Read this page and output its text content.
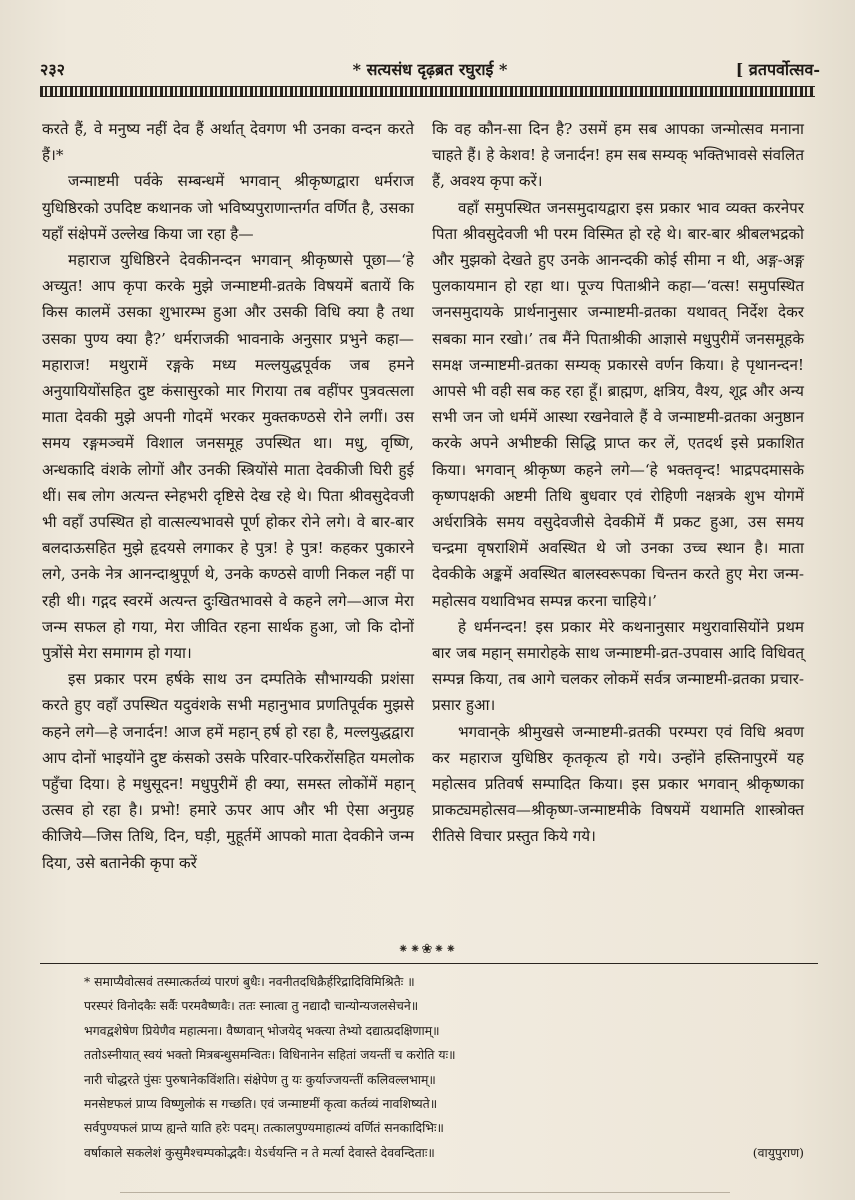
२३२	* सत्यसंध दृढ़ब्रत रघुराई *	[ व्रतपर्वोत्सव-

करते हैं, वे मनुष्य नहीं देव हैं अर्थात् देवगण भी उनका वन्दन करते हैं।*

जन्माष्टमी पर्वके सम्बन्धमें भगवान् श्रीकृष्णद्वारा धर्मराज युधिष्ठिरको उपदिष्ट कथानक जो भविष्यपुराणान्तर्गत वर्णित है, उसका यहाँ संक्षेपमें उल्लेख किया जा रहा है—

महाराज युधिष्ठिरने देवकीनन्दन भगवान् श्रीकृष्णसे पूछा—‘हे अच्युत! आप कृपा करके मुझे जन्माष्टमी-व्रतके विषयमें बतायें कि किस कालमें उसका शुभारम्भ हुआ और उसकी विधि क्या है तथा उसका पुण्य क्या है?’ धर्मराजकी भावनाके अनुसार प्रभुने कहा—महाराज! मथुरामें रङ्गके मध्य मल्लयुद्धपूर्वक जब हमने अनुयायियोंसहित दुष्ट कंसासुरको मार गिराया तब वहींपर पुत्रवत्सला माता देवकी मुझे अपनी गोदमें भरकर मुक्तकण्ठसे रोने लगीं। उस समय रङ्गमञ्चमें विशाल जनसमूह उपस्थित था। मधु, वृष्णि, अन्धकादि वंशके लोगों और उनकी स्त्रियोंसे माता देवकीजी घिरी हुई थीं। सब लोग अत्यन्त स्नेहभरी दृष्टिसे देख रहे थे। पिता श्रीवसुदेवजी भी वहाँ उपस्थित हो वात्सल्यभावसे पूर्ण होकर रोने लगे। वे बार-बार बलदाऊसहित मुझे हृदयसे लगाकर हे पुत्र! हे पुत्र! कहकर पुकारने लगे, उनके नेत्र आनन्दाश्रुपूर्ण थे, उनके कण्ठसे वाणी निकल नहीं पा रही थी। गद्गद स्वरमें अत्यन्त दुःखितभावसे वे कहने लगे—आज मेरा जन्म सफल हो गया, मेरा जीवित रहना सार्थक हुआ, जो कि दोनों पुत्रोंसे मेरा समागम हो गया।

इस प्रकार परम हर्षके साथ उन दम्पतिके सौभाग्यकी प्रशंसा करते हुए वहाँ उपस्थित यदुवंशके सभी महानुभाव प्रणतिपूर्वक मुझसे कहने लगे—हे जनार्दन! आज हमें महान् हर्ष हो रहा है, मल्लयुद्धद्वारा आप दोनों भाइयोंने दुष्ट कंसको उसके परिवार-परिकरोंसहित यमलोक पहुँचा दिया। हे मधुसूदन! मधुपुरीमें ही क्या, समस्त लोकोंमें महान् उत्सव हो रहा है। प्रभो! हमारे ऊपर आप और भी ऐसा अनुग्रह कीजिये—जिस तिथि, दिन, घड़ी, मुहूर्तमें आपको माता देवकीने जन्म दिया, उसे बतानेकी कृपा करें

कि वह कौन-सा दिन है? उसमें हम सब आपका जन्मोत्सव मनाना चाहते हैं। हे केशव! हे जनार्दन! हम सब सम्यक् भक्तिभावसे संवलित हैं, अवश्य कृपा करें।

वहाँ समुपस्थित जनसमुदायद्वारा इस प्रकार भाव व्यक्त करनेपर पिता श्रीवसुदेवजी भी परम विस्मित हो रहे थे। बार-बार श्रीबलभद्रको और मुझको देखते हुए उनके आनन्दकी कोई सीमा न थी, अङ्ग-अङ्ग पुलकायमान हो रहा था। पूज्य पिताश्रीने कहा—‘वत्स! समुपस्थित जनसमुदायके प्रार्थनानुसार जन्माष्टमी-व्रतका यथावत् निर्देश देकर सबका मान रखो।’ तब मैंने पिताश्रीकी आज्ञासे मधुपुरीमें जनसमूहके समक्ष जन्माष्टमी-व्रतका सम्यक् प्रकारसे वर्णन किया। हे पृथानन्दन! आपसे भी वही सब कह रहा हूँ। ब्राह्मण, क्षत्रिय, वैश्य, शूद्र और अन्य सभी जन जो धर्ममें आस्था रखनेवाले हैं वे जन्माष्टमी-व्रतका अनुष्ठान करके अपने अभीष्टकी सिद्धि प्राप्त कर लें, एतदर्थ इसे प्रकाशित किया। भगवान् श्रीकृष्ण कहने लगे—‘हे भक्तवृन्द! भाद्रपदमासके कृष्णपक्षकी अष्टमी तिथि बुधवार एवं रोहिणी नक्षत्रके शुभ योगमें अर्धरात्रिके समय वसुदेवजीसे देवकीमें मैं प्रकट हुआ, उस समय चन्द्रमा वृषराशिमें अवस्थित थे जो उनका उच्च स्थान है। माता देवकीके अङ्कमें अवस्थित बालस्वरूपका चिन्तन करते हुए मेरा जन्म-महोत्सव यथाविभव सम्पन्न करना चाहिये।’

हे धर्मनन्दन! इस प्रकार मेरे कथनानुसार मथुरावासियोंने प्रथम बार जब महान् समारोहके साथ जन्माष्टमी-व्रत-उपवास आदि विधिवत् सम्पन्न किया, तब आगे चलकर लोकमें सर्वत्र जन्माष्टमी-व्रतका प्रचार-प्रसार हुआ।

भगवान्‌के श्रीमुखसे जन्माष्टमी-व्रतकी परम्परा एवं विधि श्रवण कर महाराज युधिष्ठिर कृतकृत्य हो गये। उन्होंने हस्तिनापुरमें यह महोत्सव प्रतिवर्ष सम्पादित किया। इस प्रकार भगवान् श्रीकृष्णका प्राकट्यमहोत्सव—श्रीकृष्ण-जन्माष्टमीके विषयमें यथामति शास्त्रोक्त रीतिसे विचार प्रस्तुत किये गये।

⁕⁕❀⁕⁕
* समाप्यैवोत्सवं तस्मात्कर्तव्यं पारणं बुधैः। नवनीतदधिक्रैर्हरिद्रादिविमिश्रितैः ॥
परस्परं विनोदकैः सर्वैः परमवैष्णवैः। ततः स्नात्वा तु नद्यादौ चान्योन्यजलसेचने॥
भगवद्वशेषेण प्रियेणैव महात्मना। वैष्णवान् भोजयेद् भक्त्या तेभ्यो दद्यात्प्रदक्षिणाम्॥
ततोऽस्नीयात् स्वयं भक्तो मित्रबन्धुसमन्वितः। विधिनानेन सहितां जयन्तीं च करोति यः॥
नारी चोद्धरते पुंसः पुरुषानेकविंशति। संक्षेपेण तु यः कुर्याज्जयन्तीं कलिवल्लभाम्॥
मनसेष्टफलं प्राप्य विष्णुलोकं स गच्छति। एवं जन्माष्टमीं कृत्वा कर्तव्यं नावशिष्यते॥
सर्वपुण्यफलं प्राप्य ह्यन्ते याति हरेः पदम्। तत्कालपुण्यमाहात्म्यं वर्णितं सनकादिभिः॥
वर्षाकाले सकलेशं कुसुमैश्चम्पकोद्भवैः। येऽर्चयन्ति न ते मर्त्या देवास्ते देववन्दिताः॥	(वायुपुराण)
